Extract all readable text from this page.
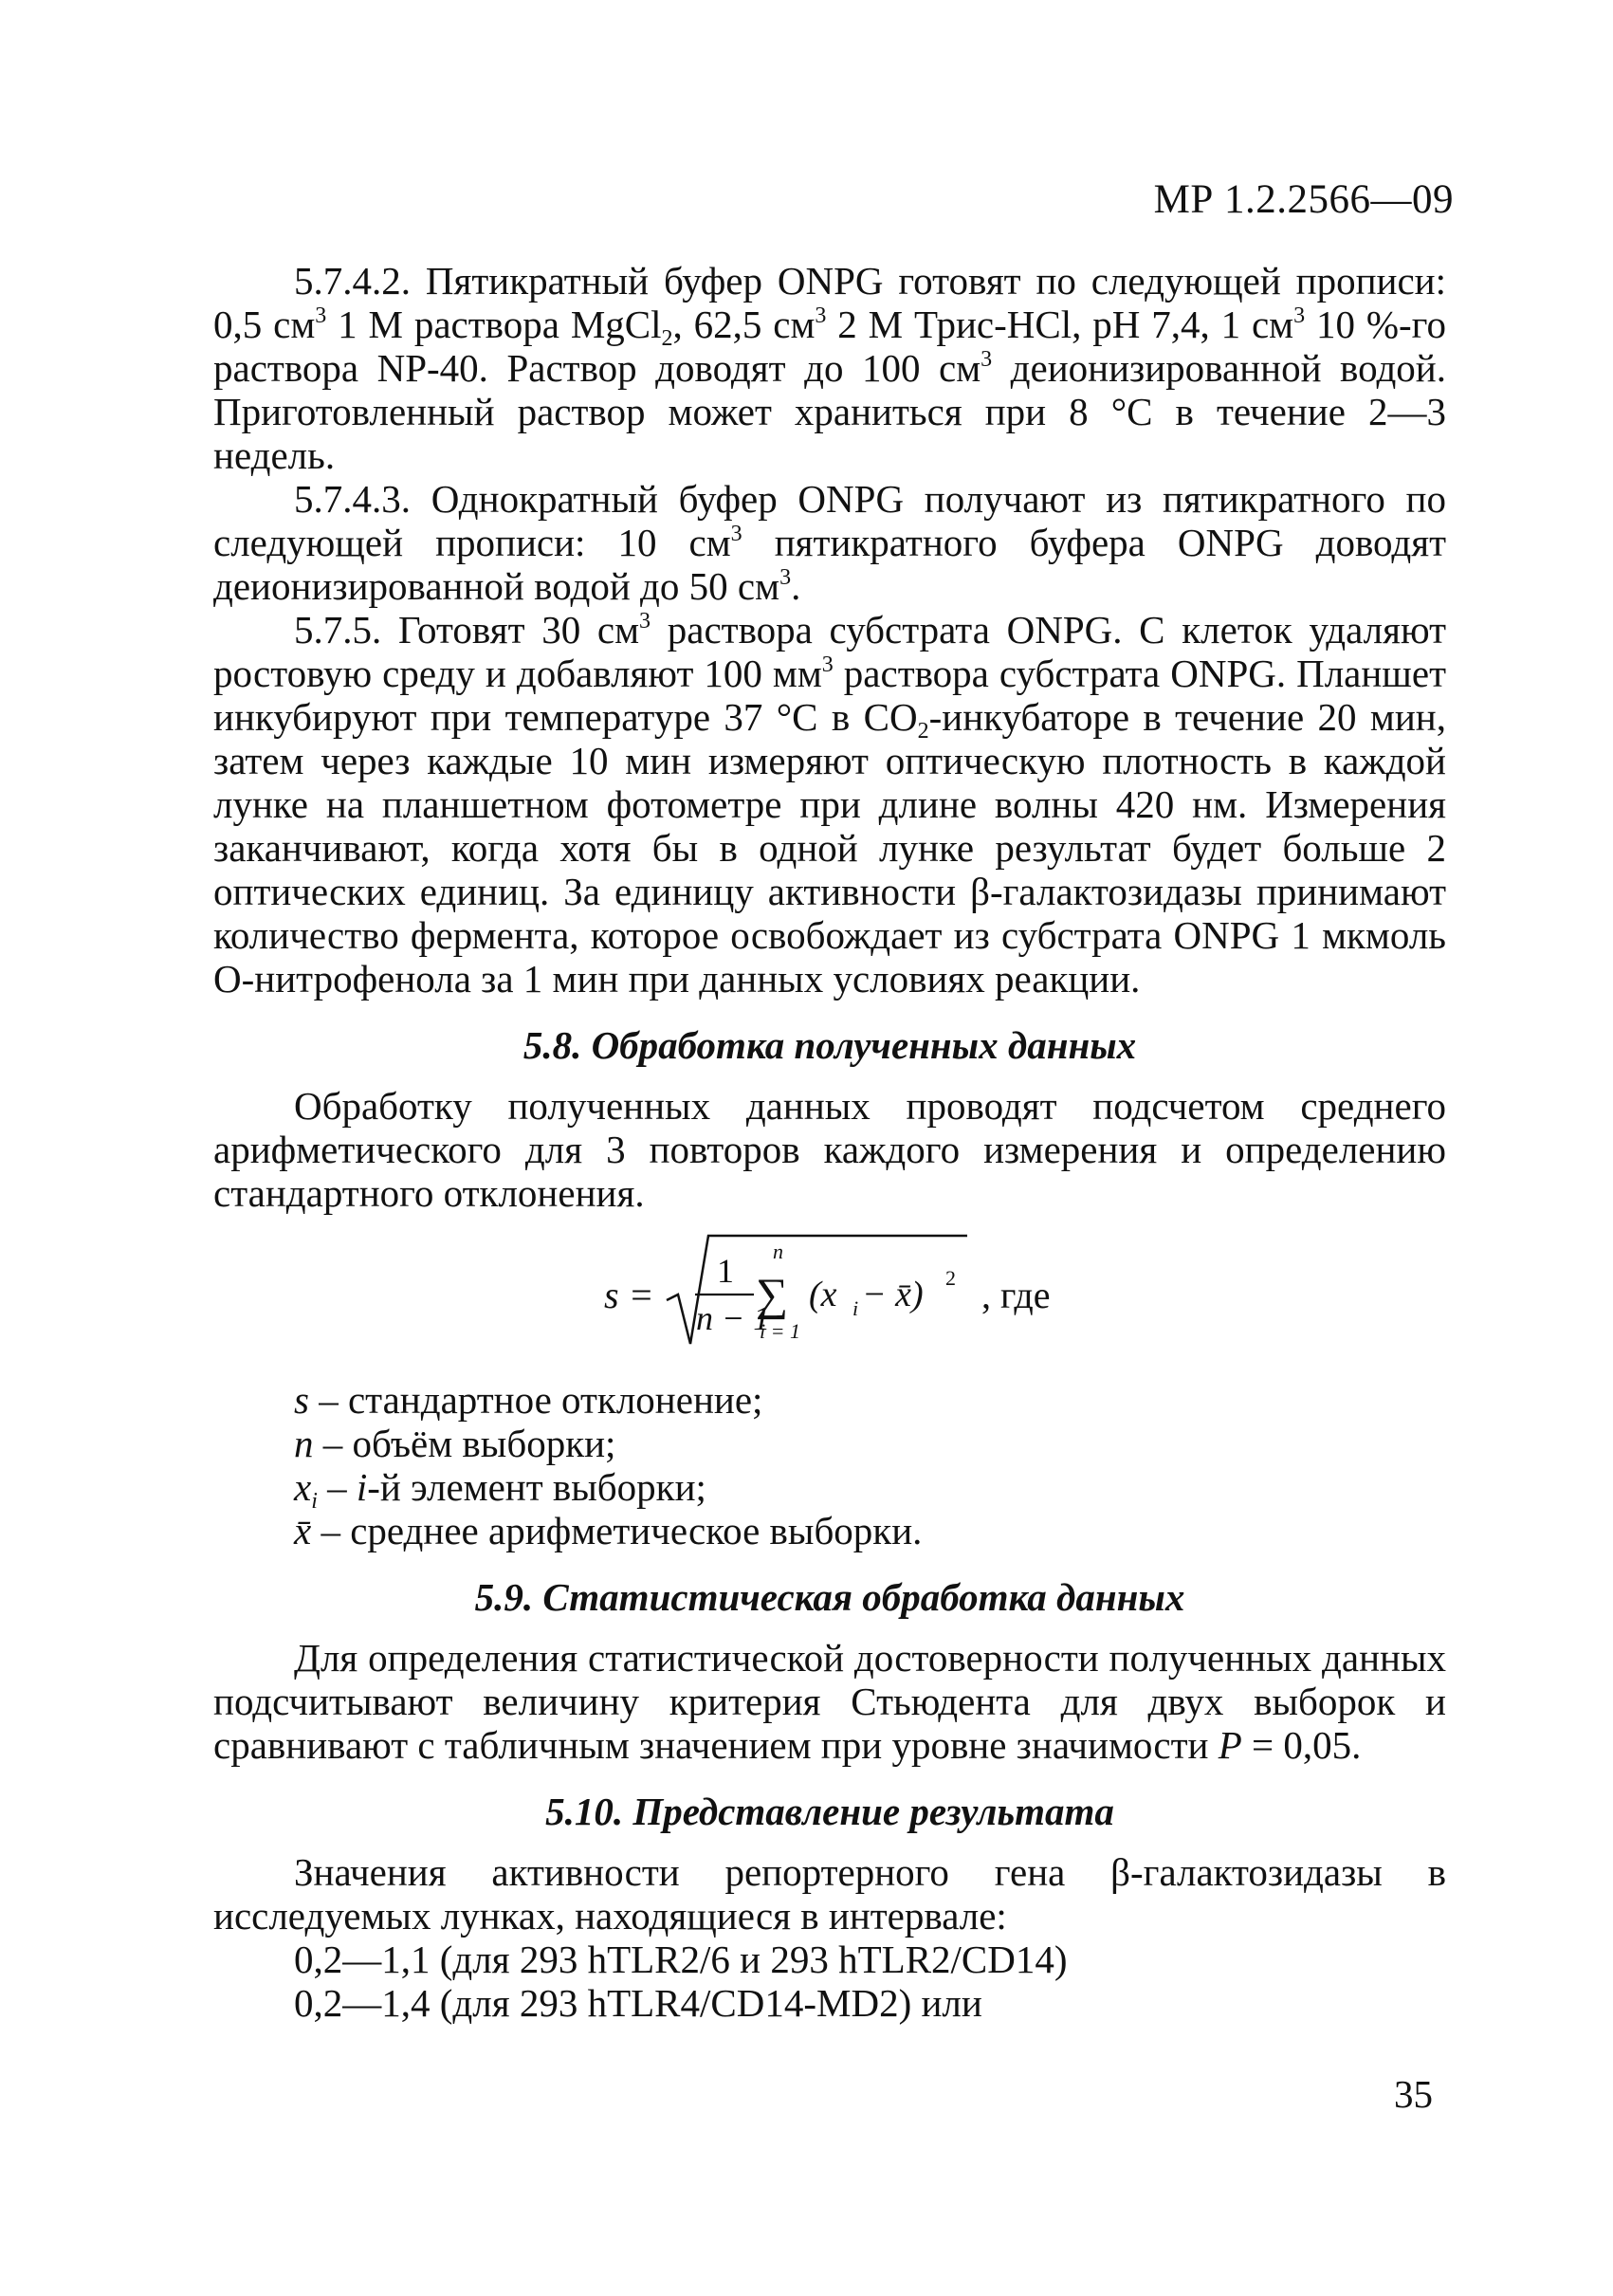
МР 1.2.2566—09

5.7.4.2. Пятикратный буфер ONPG готовят по следующей прописи: 0,5 $см^3$ 1 М раствора MgCl$_2$, 62,5 $см^3$ 2 М Трис-HCl, pH 7,4, 1 $см^3$ 10 %-го раствора NP-40. Раствор доводят до 100 $см^3$ деионизированной водой. Приготовленный раствор может храниться при 8 °С в течение 2—3 недель.

5.7.4.3. Однократный буфер ONPG получают из пятикратного по следующей прописи: 10 $см^3$ пятикратного буфера ONPG доводят деионизированной водой до 50 $см^3$.

5.7.5. Готовят 30 $см^3$ раствора субстрата ONPG. С клеток удаляют ростовую среду и добавляют 100 $мм^3$ раствора субстрата ONPG. Планшет инкубируют при температуре 37 °С в $CO_2$-инкубаторе в течение 20 мин, затем через каждые 10 мин измеряют оптическую плотность в каждой лунке на планшетном фотометре при длине волны 420 нм. Измерения заканчивают, когда хотя бы в одной лунке результат будет больше 2 оптических единиц. За единицу активности β-галактозидазы принимают количество фермента, которое освобождает из субстрата ONPG 1 мкмоль О-нитрофенола за 1 мин при данных условиях реакции.

5.8. Обработка полученных данных

Обработку полученных данных проводят подсчетом среднего арифметического для 3 повторов каждого измерения и определению стандартного отклонения.

s =
1
n − 1
n
∑
i = 1
(x i − x̄) 2 , где
s – стандартное отклонение;
n – объём выборки;
$x_i - i-й$ элемент выборки;
x̄ – среднее арифметическое выборки.
5.9. Статистическая обработка данных

Для определения статистической достоверности полученных данных подсчитывают величину критерия Стьюдента для двух выборок и сравнивают с табличным значением при уровне значимости P = 0,05.

5.10. Представление результата

Значения активности репортерного гена β-галактозидазы в исследуемых лунках, находящиеся в интервале:

0,2—1,1 (для 293 hTLR2/6 и 293 hTLR2/CD14)

0,2—1,4 (для 293 hTLR4/CD14-MD2) или

35
